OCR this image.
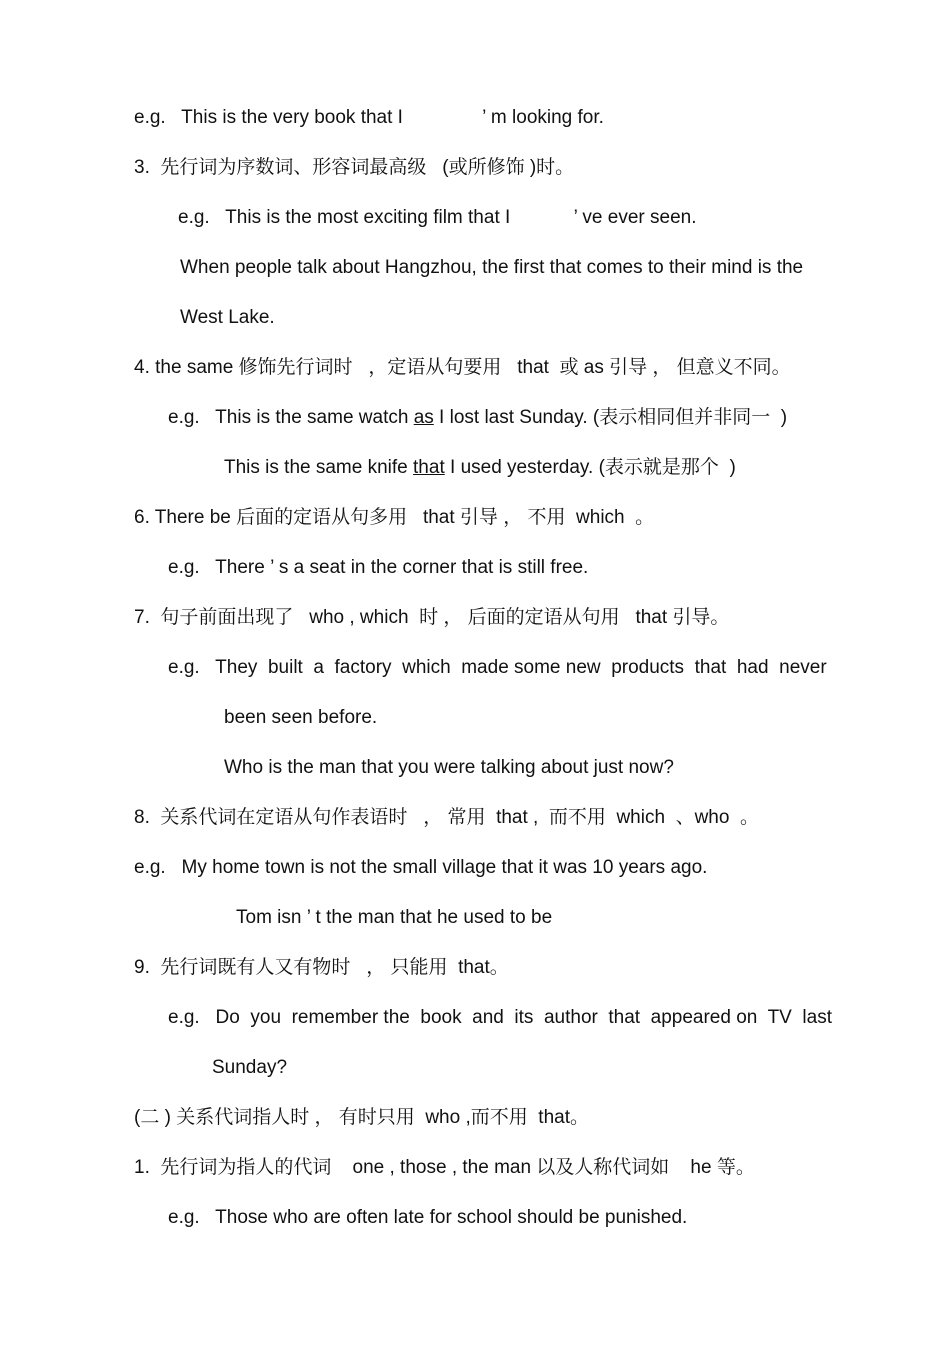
e.g.   This is the very book that I               ’ m looking for.
3.  先行词为序数词、形容词最高级   (或所修饰 )时。
e.g.   This is the most exciting film that I            ’ ve ever seen.
When people talk about Hangzhou, the first that comes to their mind is the
West Lake.
4. the same 修饰先行词时   ，定语从句要用   that  或 as 引导 ， 但意义不同。
e.g.   This is the same watch as I lost last Sunday. (表示相同但并非同一  )
This is the same knife that I used yesterday. (表示就是那个  )
6. There be 后面的定语从句多用   that 引导 ， 不用  which  。
e.g.   There ’ s a seat in the corner that is still free.
7.  句子前面出现了   who , which  时 ， 后面的定语从句用   that 引导。
e.g.   They  built  a  factory  which  made some new  products  that  had  never
been seen before.
Who is the man that you were talking about just now?
8.  关系代词在定语从句作表语时   ， 常用  that ,  而不用  which  、who  。
e.g.   My home town is not the small village that it was 10 years ago.
Tom isn ’ t the man that he used to be
9.  先行词既有人又有物时   ， 只能用  that。
e.g.   Do  you  remember the  book  and  its  author  that  appeared on  TV  last
Sunday?
(二 ) 关系代词指人时 ， 有时只用  who ,而不用  that。
1.  先行词为指人的代词    one , those , the man 以及人称代词如    he 等。
e.g.   Those who are often late for school should be punished.
